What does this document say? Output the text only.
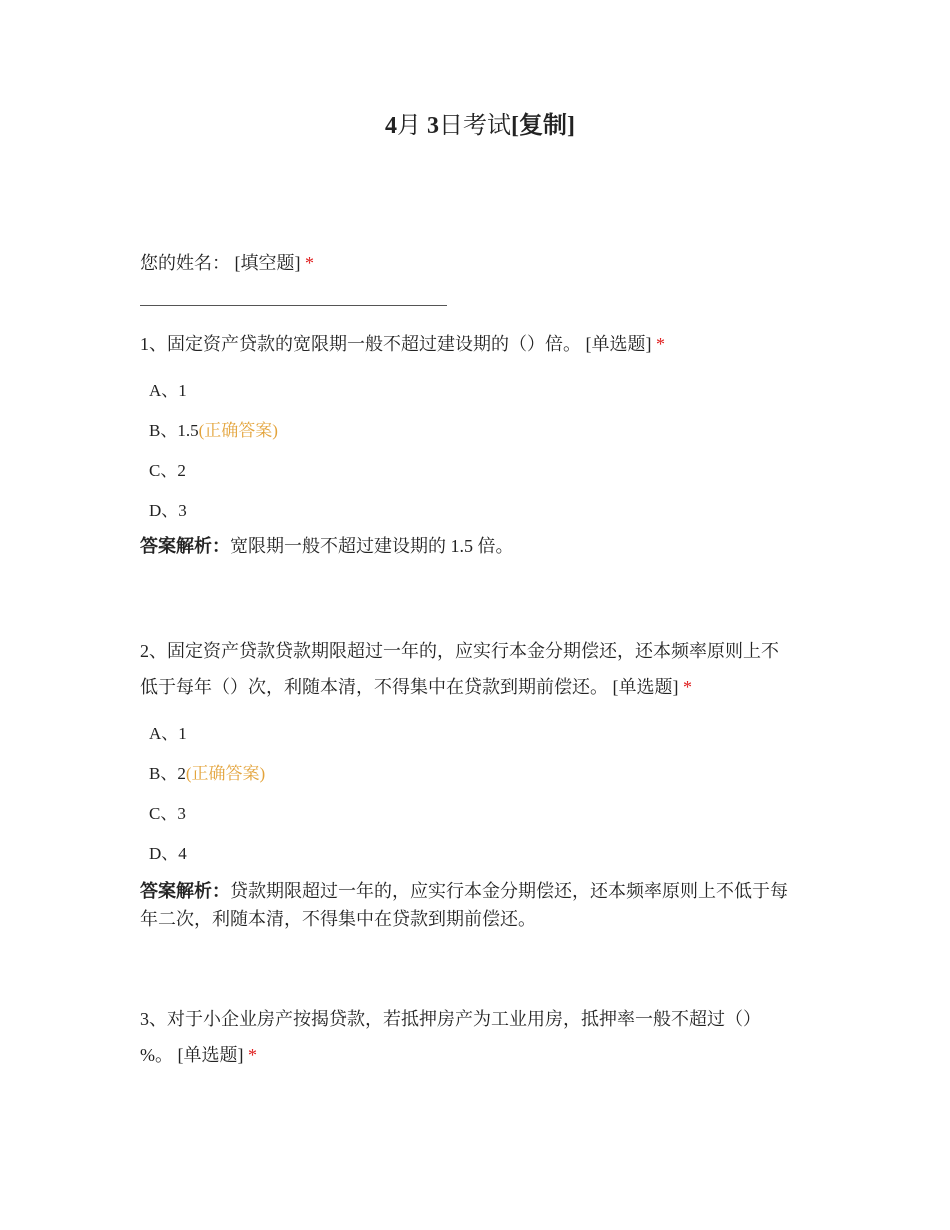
4月 3日考试[复制]

您的姓名： [填空题] *

1、固定资产贷款的宽限期一般不超过建设期的（）倍。 [单选题] *

A、1

B、1.5(正确答案)

C、2

D、3

答案解析：宽限期一般不超过建设期的 1.5 倍。

2、固定资产贷款贷款期限超过一年的，应实行本金分期偿还，还本频率原则上不

低于每年（）次，利随本清，不得集中在贷款到期前偿还。 [单选题] *

A、1

B、2(正确答案)

C、3

D、4

答案解析：贷款期限超过一年的，应实行本金分期偿还，还本频率原则上不低于每
年二次，利随本清，不得集中在贷款到期前偿还。

3、对于小企业房产按揭贷款，若抵押房产为工业用房，抵押率一般不超过（）

%。 [单选题] *
